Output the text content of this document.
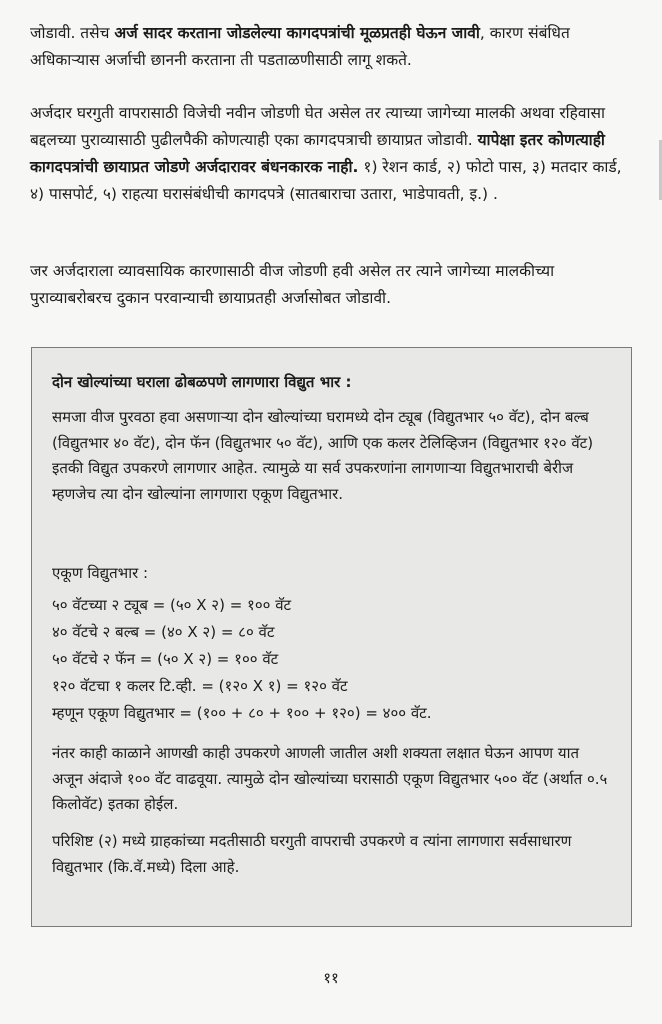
जोडावी. तसेच अर्ज सादर करताना जोडलेल्या कागदपत्रांची मूळप्रतही घेऊन जावी, कारण संबंधित अधिकाऱ्यास अर्जाची छाननी करताना ती पडताळणीसाठी लागू शकते.

अर्जदार घरगुती वापरासाठी विजेची नवीन जोडणी घेत असेल तर त्याच्या जागेच्या मालकी अथवा रहिवासा बद्दलच्या पुराव्यासाठी पुढीलपैकी कोणत्याही एका कागदपत्राची छायाप्रत जोडावी. यापेक्षा इतर कोणत्याही कागदपत्रांची छायाप्रत जोडणे अर्जदारावर बंधनकारक नाही. १) रेशन कार्ड, २) फोटो पास, ३) मतदार कार्ड, ४) पासपोर्ट, ५) राहत्या घरासंबंधीची कागदपत्रे (सातबाराचा उतारा, भाडेपावती, इ.) .

जर अर्जदाराला व्यावसायिक कारणासाठी वीज जोडणी हवी असेल तर त्याने जागेच्या मालकीच्या पुराव्याबरोबरच दुकान परवान्याची छायाप्रतही अर्जासोबत जोडावी.

दोन खोल्यांच्या घराला ढोबळपणे लागणारा विद्युत भार :

समजा वीज पुरवठा हवा असणाऱ्या दोन खोल्यांच्या घरामध्ये दोन ट्यूब (विद्युतभार ५० वॅट), दोन बल्ब (विद्युतभार ४० वॅट), दोन फॅन (विद्युतभार ५० वॅट), आणि एक कलर टेलिव्हिजन (विद्युतभार १२० वॅट) इतकी विद्युत उपकरणे लागणार आहेत. त्यामुळे या सर्व उपकरणांना लागणाऱ्या विद्युतभाराची बेरीज म्हणजेच त्या दोन खोल्यांना लागणारा एकूण विद्युतभार.

एकूण विद्युतभार :

५० वॅटच्या २ ट्यूब = (५० X २) = १०० वॅट

४० वॅटचे २ बल्ब = (४० X २) = ८० वॅट

५० वॅटचे २ फॅन = (५० X २) = १०० वॅट

१२० वॅटचा १ कलर टि.व्ही. = (१२० X १) = १२० वॅट

म्हणून एकूण विद्युतभार = (१०० + ८० + १०० + १२०) = ४०० वॅट.

नंतर काही काळाने आणखी काही उपकरणे आणली जातील अशी शक्यता लक्षात घेऊन आपण यात अजून अंदाजे १०० वॅट वाढवूया. त्यामुळे दोन खोल्यांच्या घरासाठी एकूण विद्युतभार ५०० वॅट (अर्थात ०.५ किलोवॅट) इतका होईल.

परिशिष्ट (२) मध्ये ग्राहकांच्या मदतीसाठी घरगुती वापराची उपकरणे व त्यांना लागणारा सर्वसाधारण विद्युतभार (कि.वॅ.मध्ये) दिला आहे.

११
